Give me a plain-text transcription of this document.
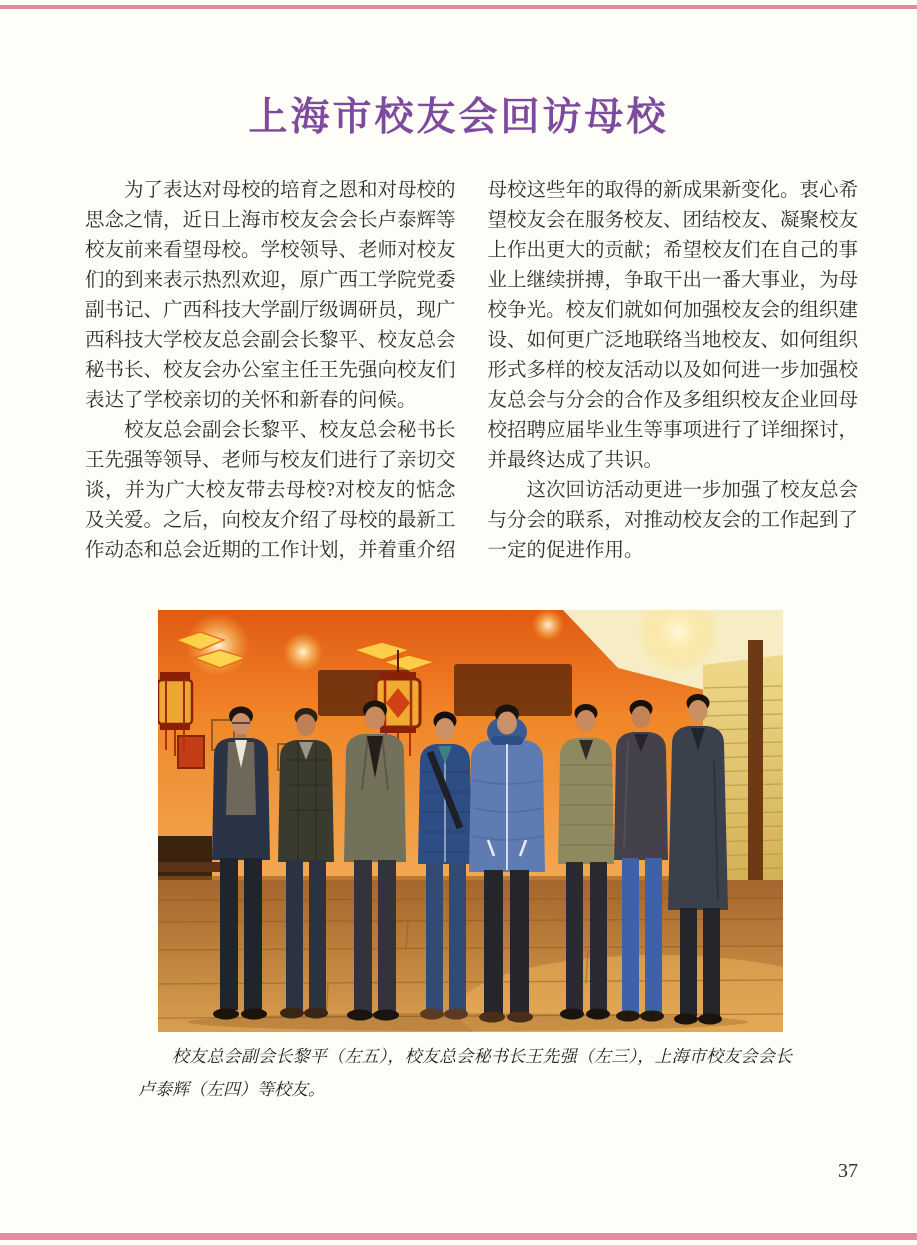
上海市校友会回访母校

为了表达对母校的培育之恩和对母校的思念之情，近日上海市校友会会长卢泰辉等校友前来看望母校。学校领导、老师对校友们的到来表示热烈欢迎，原广西工学院党委副书记、广西科技大学副厅级调研员，现广西科技大学校友总会副会长黎平、校友总会秘书长、校友会办公室主任王先强向校友们表达了学校亲切的关怀和新春的问候。

校友总会副会长黎平、校友总会秘书长王先强等领导、老师与校友们进行了亲切交谈，并为广大校友带去母校?对校友的惦念及关爱。之后，向校友介绍了母校的最新工作动态和总会近期的工作计划，并着重介绍母校这些年的取得的新成果新变化。衷心希望校友会在服务校友、团结校友、凝聚校友上作出更大的贡献；希望校友们在自己的事业上继续拼搏，争取干出一番大事业，为母校争光。校友们就如何加强校友会的组织建设、如何更广泛地联络当地校友、如何组织形式多样的校友活动以及如何进一步加强校友总会与分会的合作及多组织校友企业回母校招聘应届毕业生等事项进行了详细探讨，并最终达成了共识。

这次回访活动更进一步加强了校友总会与分会的联系，对推动校友会的工作起到了一定的促进作用。

校友总会副会长黎平（左五），校友总会秘书长王先强（左三），上海市校友会会长卢泰辉（左四）等校友。

37
